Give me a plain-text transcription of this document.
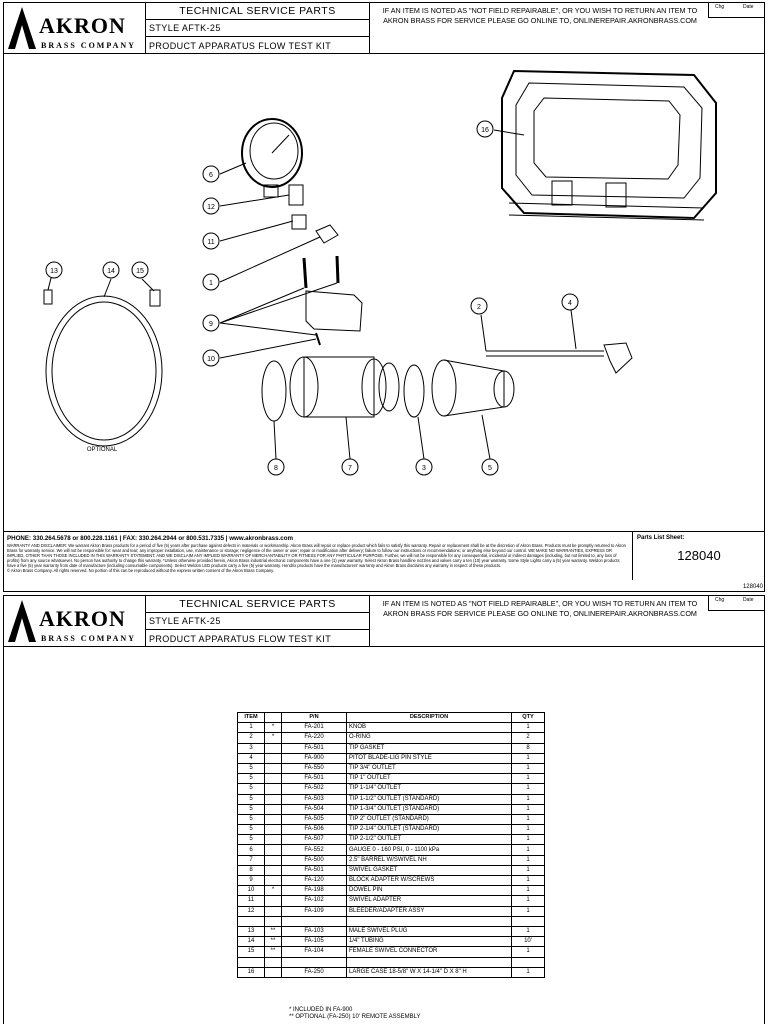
AKRON
BRASS COMPANY
TECHNICAL SERVICE PARTS
STYLE AFTK-25
PRODUCT APPARATUS FLOW TEST KIT
IF AN ITEM IS NOTED AS "NOT FIELD REPAIRABLE", OR YOU WISH TO RETURN AN ITEM TO AKRON BRASS FOR SERVICE PLEASE GO ONLINE TO, ONLINEREPAIR.AKRONBRASS.COM
Chg	Date
16
6
12
11
1
9
10
13	14	15
2
4
8	7	3	5
OPTIONAL
PHONE: 330.264.5678 or 800.228.1161 | FAX: 330.264.2944 or 800.531.7335 | www.akronbrass.com
WARRANTY AND DISCLAIMER: We warrant Akron Brass products for a period of five (5) years after purchase against defects in materials or workmanship. Akron Brass will repair or replace product which fails to satisfy this warranty. Repair or replacement shall be at the discretion of Akron Brass. Products must be promptly returned to Akron Brass for warranty service. We will not be responsible for: wear and tear; any improper installation, use, maintenance or storage; negligence of the owner or user; repair or modification after delivery; failure to follow our instructions or recommendations; or anything else beyond our control. WE MAKE NO WARRANTIES, EXPRESS OR IMPLIED, OTHER THAN THOSE INCLUDED IN THIS WARRANTY STATEMENT, AND WE DISCLAIM ANY IMPLIED WARRANTY OF MERCHANTABILITY OR FITNESS FOR ANY PARTICULAR PURPOSE. Further, we will not be responsible for any consequential, incidental or indirect damages (including, but not limited to, any loss of profits) from any source whatsoever. No person has authority to change this warranty. *Unless otherwise provided herein, Akron Brass industrial electronic components have a one (1) year warranty. Select Akron Brass handline nozzles and valves carry a ten (10) year warranty. Some Style Lights carry a (5) year warranty. Weldon products have a five (5) year warranty from date of manufacture (including consumable components). Select Weldon LED products carry a five (5) year warranty. Hendrix products have the manufacturers' warranty and Akron Brass disclaims any warranty in respect of these products.
© Akron Brass Company. All rights reserved. No portion of this can be reproduced without the express written consent of the Akron Brass Company.
Parts List Sheet:
128040
128040
AKRON
BRASS COMPANY
TECHNICAL SERVICE PARTS
STYLE AFTK-25
PRODUCT APPARATUS FLOW TEST KIT
IF AN ITEM IS NOTED AS "NOT FIELD REPAIRABLE", OR YOU WISH TO RETURN AN ITEM TO AKRON BRASS FOR SERVICE PLEASE GO ONLINE TO, ONLINEREPAIR.AKRONBRASS.COM
Chg	Date
ITEM		P/N	DESCRIPTION	QTY
1	*	FA-201	KNOB	1
2	*	FA-220	O-RING	2
3		FA-501	TIP GASKET	8
4		FA-900	PITOT BLADE-LIG PIN STYLE	1
5		FA-550	TIP 3/4" OUTLET	1
5		FA-501	TIP 1" OUTLET	1
5		FA-502	TIP 1-1/4" OUTLET	1
5		FA-503	TIP 1-1/2" OUTLET (STANDARD)	1
5		FA-504	TIP 1-3/4" OUTLET (STANDARD)	1
5		FA-505	TIP 2" OUTLET (STANDARD)	1
5		FA-506	TIP 2-1/4" OUTLET (STANDARD)	1
5		FA-507	TIP 2-1/2" OUTLET	1
6		FA-552	GAUGE 0 - 160 PSI, 0 - 1100 kPa	1
7		FA-500	2.5" BARREL W/SWIVEL NH	1
8		FA-501	SWIVEL GASKET	1
9		FA-120	BLOCK ADAPTER W/SCREWS	1
10	*	FA-198	DOWEL PIN	1
11		FA-102	SWIVEL ADAPTER	1
12		FA-109	BLEEDER/ADAPTER ASSY	1

13	**	FA-103	MALE SWIVEL PLUG	1
14	**	FA-105	1/4" TUBING	10'
15	**	FA-104	FEMALE SWIVEL CONNECTOR	1

16		FA-250	LARGE CASE 18-5/8" W X 14-1/4" D X 8" H	1
* INCLUDED IN FA-900
** OPTIONAL (FA-250) 10' REMOTE ASSEMBLY
